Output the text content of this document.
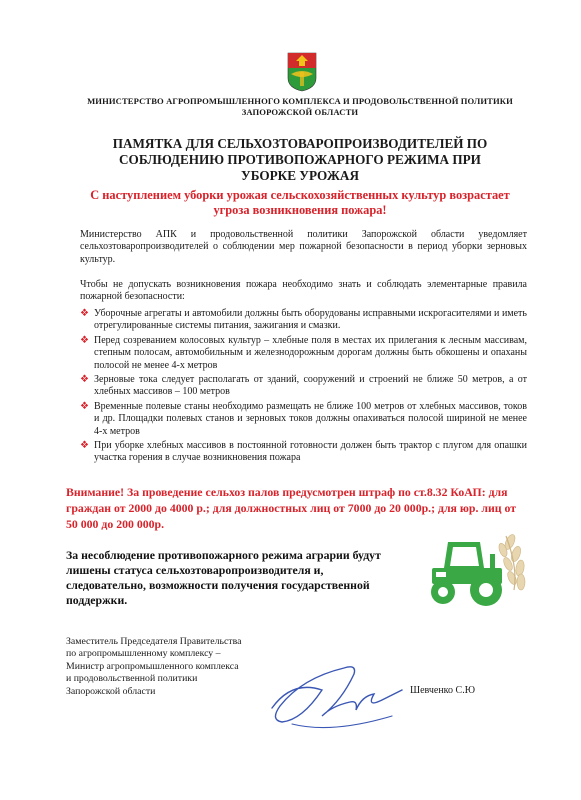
МИНИСТЕРСТВО АГРОПРОМЫШЛЕННОГО КОМПЛЕКСА И ПРОДОВОЛЬСТВЕННОЙ ПОЛИТИКИ ЗАПОРОЖСКОЙ ОБЛАСТИ
ПАМЯТКА ДЛЯ СЕЛЬХОЗТОВАРОПРОИЗВОДИТЕЛЕЙ ПО СОБЛЮДЕНИЮ ПРОТИВОПОЖАРНОГО РЕЖИМА ПРИ УБОРКЕ УРОЖАЯ
С наступлением уборки урожая сельскохозяйственных культур возрастает угроза возникновения пожара!
Министерство АПК и продовольственной политики Запорожской области уведомляет сельхозтоваропроизводителей о соблюдении мер пожарной безопасности в период уборки зерновых культур.
Чтобы не допускать возникновения пожара необходимо знать и соблюдать элементарные правила пожарной безопасности:
❖ Уборочные агрегаты и автомобили должны быть оборудованы исправными искрогасителями и иметь отрегулированные системы питания, зажигания и смазки.
❖ Перед созреванием колосовых культур – хлебные поля в местах их прилегания к лесным массивам, степным полосам, автомобильным и железнодорожным дорогам должны быть обкошены и опаханы полосой не менее 4-х метров
❖ Зерновые тока следует располагать от зданий, сооружений и строений не ближе 50 метров, а от хлебных массивов – 100 метров
❖ Временные полевые станы необходимо размещать не ближе 100 метров от хлебных массивов, токов и др. Площадки полевых станов и зерновых токов должны опахиваться полосой шириной не менее 4-х метров
❖ При уборке хлебных массивов в постоянной готовности должен быть трактор с плугом для опашки участка горения в случае возникновения пожара
Внимание! За проведение сельхоз палов предусмотрен штраф по ст.8.32 КоАП: для граждан от 2000 до 4000 р.; для должностных лиц от 7000 до 20 000р.; для юр. лиц от 50 000 до 200 000р.
За несоблюдение противопожарного режима аграрии будут лишены статуса сельхозтоваропроизводителя и, следовательно, возможности получения государственной поддержки.
Заместитель Председателя Правительства
по агропромышленному комплексу –
Министр агропромышленного комплекса
и продовольственной политики
Запорожской области	Шевченко С.Ю
